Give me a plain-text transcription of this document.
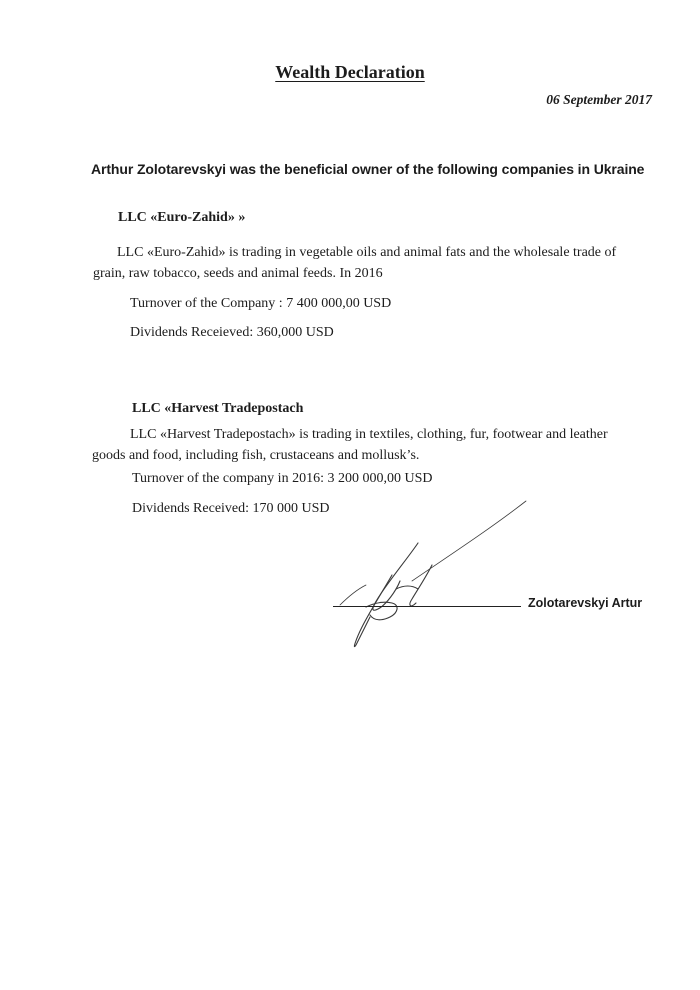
Wealth Declaration
06 September 2017
Arthur Zolotarevskyi was the beneficial owner of the following companies in Ukraine
LLC «Euro-Zahid» »
LLC «Euro-Zahid» is trading in vegetable oils and animal fats and the wholesale trade of grain, raw tobacco, seeds and animal feeds. In 2016
Turnover of the Company : 7 400 000,00 USD
Dividends Receieved: 360,000 USD
LLC «Harvest Tradepostach
LLC «Harvest Tradepostach» is trading in textiles, clothing, fur, footwear and leather goods and food, including fish, crustaceans and mollusk’s.
Turnover of the company in 2016: 3 200 000,00 USD
Dividends Received: 170 000 USD
Zolotarevskyi Artur
